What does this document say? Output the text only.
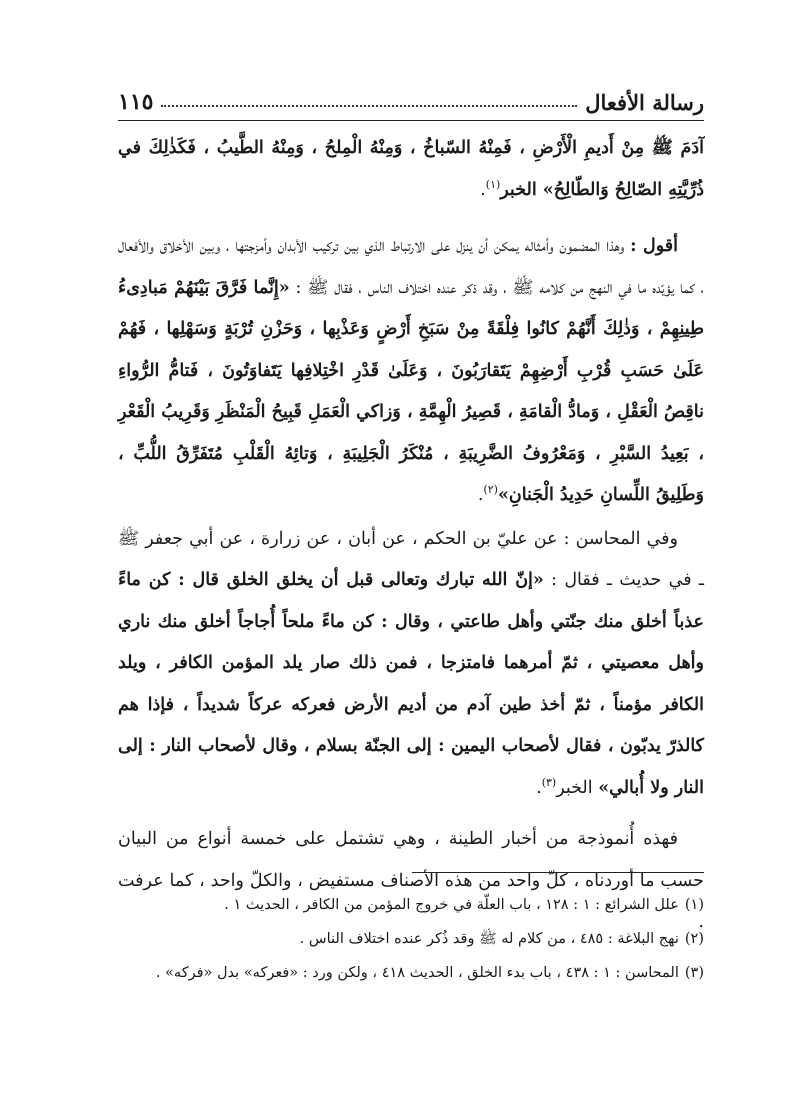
رسالة الأفعال
١١٥

آدَمَ ﷺ مِنْ أَديمِ الْأَرْضِ ، فَمِنْهُ السّباخُ ، وَمِنْهُ الْمِلحُ ، وَمِنْهُ الطَّيبُ ، فَكَذٰلِكَ في ذُرِّيَّتِهِ الصّالِحُ وَالطّالِحُ» الخبر$^{(١)}$.

أقول : وهذا المضمون وأمثاله يمكن أن ينزل على الارتباط الذي بين تركيب الأبدان وأمزجتها ، وبين الأخلاق والأفعال ، كما يؤيّده ما في النهج من كلامه ﷺ ، وقد ذكر عنده اختلاف الناس ، فقال ﷺ : «إِنَّما فَرَّقَ بَيْنَهُمْ مَبادِىءُ طِينِهِمْ ، وَذٰلِكَ أَنَّهُمْ كانُوا فِلْقَةً مِنْ سَبَخِ أَرْضٍ وَعَذْبِها ، وَحَزْنِ تُرْبَةٍ وَسَهْلِها ، فَهُمْ عَلَىٰ حَسَبِ قُرْبِ أَرْضِهِمْ يَتَقارَبُونَ ، وَعَلَىٰ قَدْرِ اخْتِلافِها يَتَفاوَتُونَ ، فَتامُّ الرُّواءِ ناقِصُ الْعَقْلِ ، وَمادُّ الْقامَةِ ، قَصِيرُ الْهِمَّةِ ، وَزاكي الْعَمَلِ قَبِيحُ الْمَنْظَرِ وَقَرِيبُ الْقَعْرِ ، بَعِيدُ السَّبْرِ ، وَمَعْرُوفُ الضَّرِيبَةِ ، مُنْكَرُ الْجَلِيبَةِ ، وَتائِهُ الْقَلْبِ مُتَفَرِّقُ اللُّبِّ ، وَطَلِيقُ اللِّسانِ حَدِيدُ الْجَنانِ»$^{(٢)}$.

وفي المحاسن : عن عليّ بن الحكم ، عن أبان ، عن زرارة ، عن أبي جعفر ﷺ ـ في حديث ـ فقال : «إنّ الله تبارك وتعالى قبل أن يخلق الخلق قال : كن ماءً عذباً أخلق منك جنّتي وأهل طاعتي ، وقال : كن ماءً ملحاً أُجاجاً أخلق منك ناري وأهل معصيتي ، ثمّ أمرهما فامتزجا ، فمن ذلك صار يلد المؤمن الكافر ، ويلد الكافر مؤمناً ، ثمّ أخذ طين آدم من أديم الأرض فعركه عركاً شديداً ، فإذا هم كالذرّ يدبّون ، فقال لأصحاب اليمين : إلى الجنّة بسلام ، وقال لأصحاب النار : إلى النار ولا أُبالي» الخبر$^{(٣)}$.

فهذه أُنموذجة من أخبار الطينة ، وهي تشتمل على خمسة أنواع من البيان حسب ما أوردناه ، كلّ واحد من هذه الأصناف مستفيض ، والكلّ واحد ، كما عرفت .

(١)علل الشرائع : ١ : ١٢٨ ، باب العلّة في خروج المؤمن من الكافر ، الحديث ١ .

(٢)نهج البلاغة : ٤٨٥ ، من كلام له ﷺ وقد ذُكر عنده اختلاف الناس .

(٣)المحاسن : ١ : ٤٣٨ ، باب بدء الخلق ، الحديث ٤١٨ ، ولكن ورد : «فعركه» بدل «فركه» .
